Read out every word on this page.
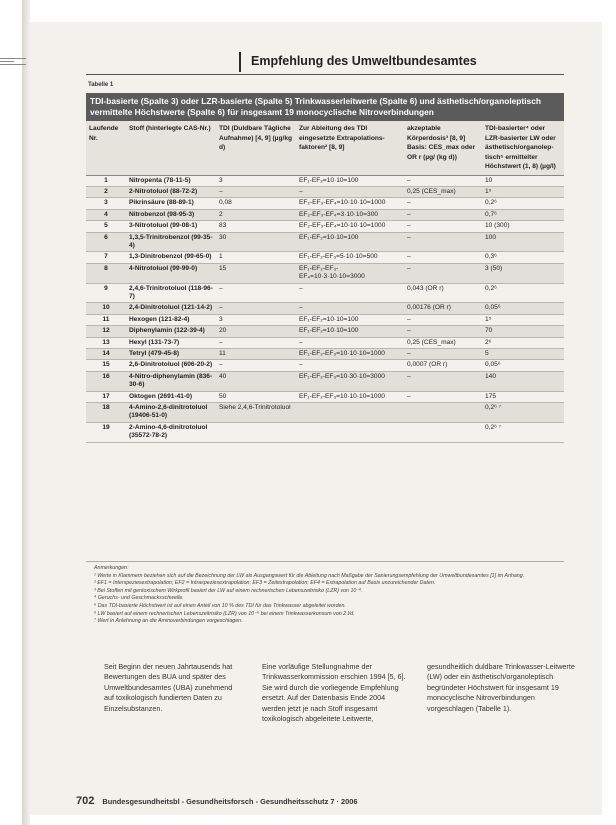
Empfehlung des Umweltbundesamtes
Tabelle 1
TDI-basierte (Spalte 3) oder LZR-basierte (Spalte 5) Trinkwasserleitwerte (Spalte 6) und ästhetisch/organoleptisch vermittelte Höchstwerte (Spalte 6) für insgesamt 19 monocyclische Nitroverbindungen
Laufende Nr.	Stoff (hinterlegte CAS-Nr.)	TDI (Duldbare Tägliche Aufnahme) [4, 9] (µg/kg d)	Zur Ableitung des TDI eingesetzte Extrapolations-faktoren² [8, 9]	akzeptable Körperdosis³ [8, 9] Basis: CES_max oder OR r (µg/ (kg d))	TDI-basierter⁴ oder LZR-basierter LW oder ästhetisch/organolep-tisch⁵ ermittelter Höchstwert (1, 8) (µg/l)
1	Nitropenta (78-11-5)	3	EF₁-EF₂=10·10=100	–	10
2	2-Nitrotoluol (88-72-2)	–	–	0,25 (CES_max)	1⁵
3	Pikrinsäure (88-89-1)	0,08	EF₂-EF₃-EF₄=10·10·10=1000	–	0,2⁶
4	Nitrobenzol (98-95-3)	2	EF₂-EF₃-EF₄=3·10·10=300	–	0,7⁶
5	3-Nitrotoluol (99-08-1)	83	EF₂-EF₃-EF₄=10·10·10=1000	–	10 (300)
6	1,3,5-Trinitrobenzol (99-35-4)	30	EF₁-EF₂=10·10=100	–	100
7	1,3-Dinitrobenzol (99-65-0)	1	EF₁-EF₂-EF₃=5·10·10=500	–	0,3⁶
8	4-Nitrotoluol (99-99-0)	15	EF₁-EF₂-EF₃-EF₄=10·3·10·10=3000	–	3 (50)
9	2,4,6-Trinitrotoluol (118-96-7)	–	–	0,043 (OR r)	0,2⁶
10	2,4-Dinitrotoluol (121-14-2)	–	–	0,00176 (OR r)	0,05⁶
11	Hexogen (121-82-4)	3	EF₁-EF₂=10·10=100	–	1⁵
12	Diphenylamin (122-39-4)	20	EF₁-EF₂=10·10=100	–	70
13	Hexyl (131-73-7)	–	–	0,25 (CES_max)	2⁶
14	Tetryl (479-45-8)	11	EF₁-EF₂-EF₃=10·10·10=1000	–	5
15	2,6-Dinitrotoluol (606-20-2)	–	–	0,0007 (OR r)	0,05⁶
16	4-Nitro-diphenylamin (836-30-6)	40	EF₁-EF₂-EF₃=10·30·10=3000	–	140
17	Oktogen (2691-41-0)	50	EF₁-EF₂-EF₃=10·10·10=1000	–	175
18	4-Amino-2,6-dinitrotoluol (19406-51-0)	Siehe 2,4,6-Trinitrotoluol			0,2⁶ ⁷
19	2-Amino-4,6-dinitrotoluol (35572-78-2)				0,2⁶ ⁷
Anmerkungen:
¹ Werte in Klammern beziehen sich auf die Bezeichnung der LW als Ausgangswert für die Ableitung nach Maßgabe der Sanierungsempfehlung der Umweltbundesamtes [1] im Anhang.
² EF1 = Interspeziesextrapolation; EF2 = Intraspeziesextrapolation; EF3 = Zeitextrapolation; EF4 = Extrapolation auf Basis unzureichender Daten.
³ Bei Stoffen mit gentoxischem Wirkprofil basiert der LW auf einem rechnerischen Lebenszeitrisiko (LZR) von 10⁻⁶.
⁴ Geruchs- und Geschmacksschwelle.
⁵ Das TDI-basierte Höchstwert ist auf einen Anteil von 10 % des TDI für das Trinkwasser abgeleitet worden.
⁶ LW basiert auf einem rechnerischen Lebenszeitrisiko (LZR) von 10⁻⁶ bei einem Trinkwasserkonsum von 2 l/d.
⁷ Wert in Anlehnung an die Aminoverbindungen vorgeschlagen.
Seit Beginn der neuen Jahrtausends hat Bewertungen des BUA und später des Umweltbundesamtes (UBA) zunehmend auf toxikologisch fundierten Daten zu Einzelsubstanzen.
Eine vorläufige Stellungnahme der Trinkwasserkommission erschien 1994 [5, 6]. Sie wird durch die vorliegende Empfehlung ersetzt. Auf der Datenbasis Ende 2004 werden jetzt je nach Stoff insgesamt toxikologisch abgeleitete Leitwerte,
gesundheitlich duldbare Trinkwasser-Leitwerte (LW) oder ein ästhetisch/organoleptisch begründeter Höchstwert für insgesamt 19 monocyclische Nitroverbindungen vorgeschlagen (Tabelle 1).
702 Bundesgesundheitsbl - Gesundheitsforsch - Gesundheitsschutz 7 · 2006
